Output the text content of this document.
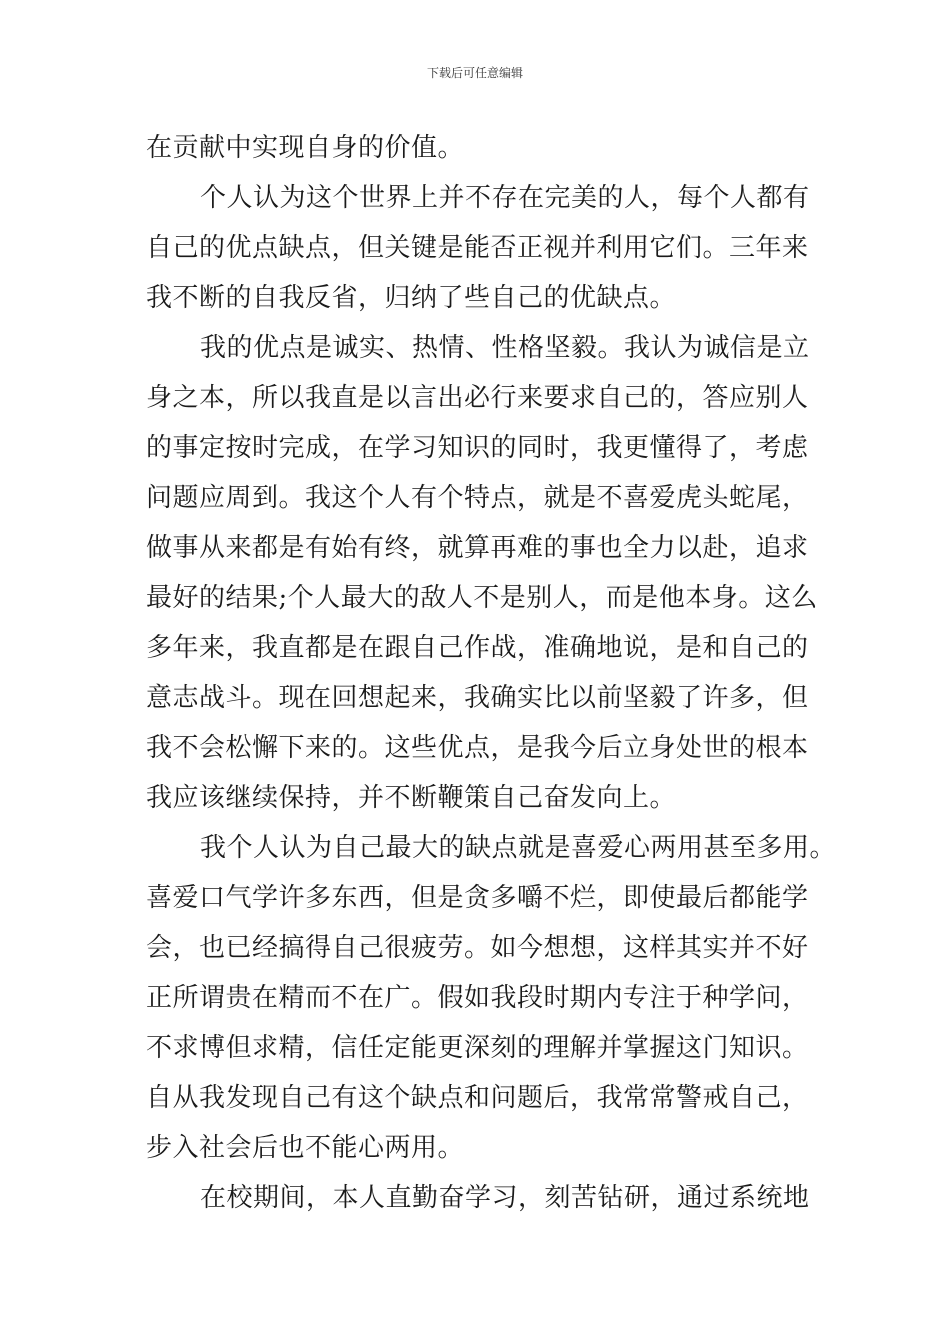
下载后可任意编辑
在贡献中实现自身的价值。
个人认为这个世界上并不存在完美的人，每个人都有
自己的优点缺点，但关键是能否正视并利用它们。三年来
我不断的自我反省，归纳了些自己的优缺点。
我的优点是诚实、热情、性格坚毅。我认为诚信是立
身之本，所以我直是以言出必行来要求自己的，答应别人
的事定按时完成，在学习知识的同时，我更懂得了，考虑
问题应周到。我这个人有个特点，就是不喜爱虎头蛇尾，
做事从来都是有始有终，就算再难的事也全力以赴，追求
最好的结果;个人最大的敌人不是别人，而是他本身。这么
多年来，我直都是在跟自己作战，准确地说，是和自己的
意志战斗。现在回想起来，我确实比以前坚毅了许多，但
我不会松懈下来的。这些优点，是我今后立身处世的根本
我应该继续保持，并不断鞭策自己奋发向上。
我个人认为自己最大的缺点就是喜爱心两用甚至多用。
喜爱口气学许多东西，但是贪多嚼不烂，即使最后都能学
会，也已经搞得自己很疲劳。如今想想，这样其实并不好
正所谓贵在精而不在广。假如我段时期内专注于种学问，
不求博但求精，信任定能更深刻的理解并掌握这门知识。
自从我发现自己有这个缺点和问题后，我常常警戒自己，
步入社会后也不能心两用。
在校期间，本人直勤奋学习，刻苦钻研，通过系统地
